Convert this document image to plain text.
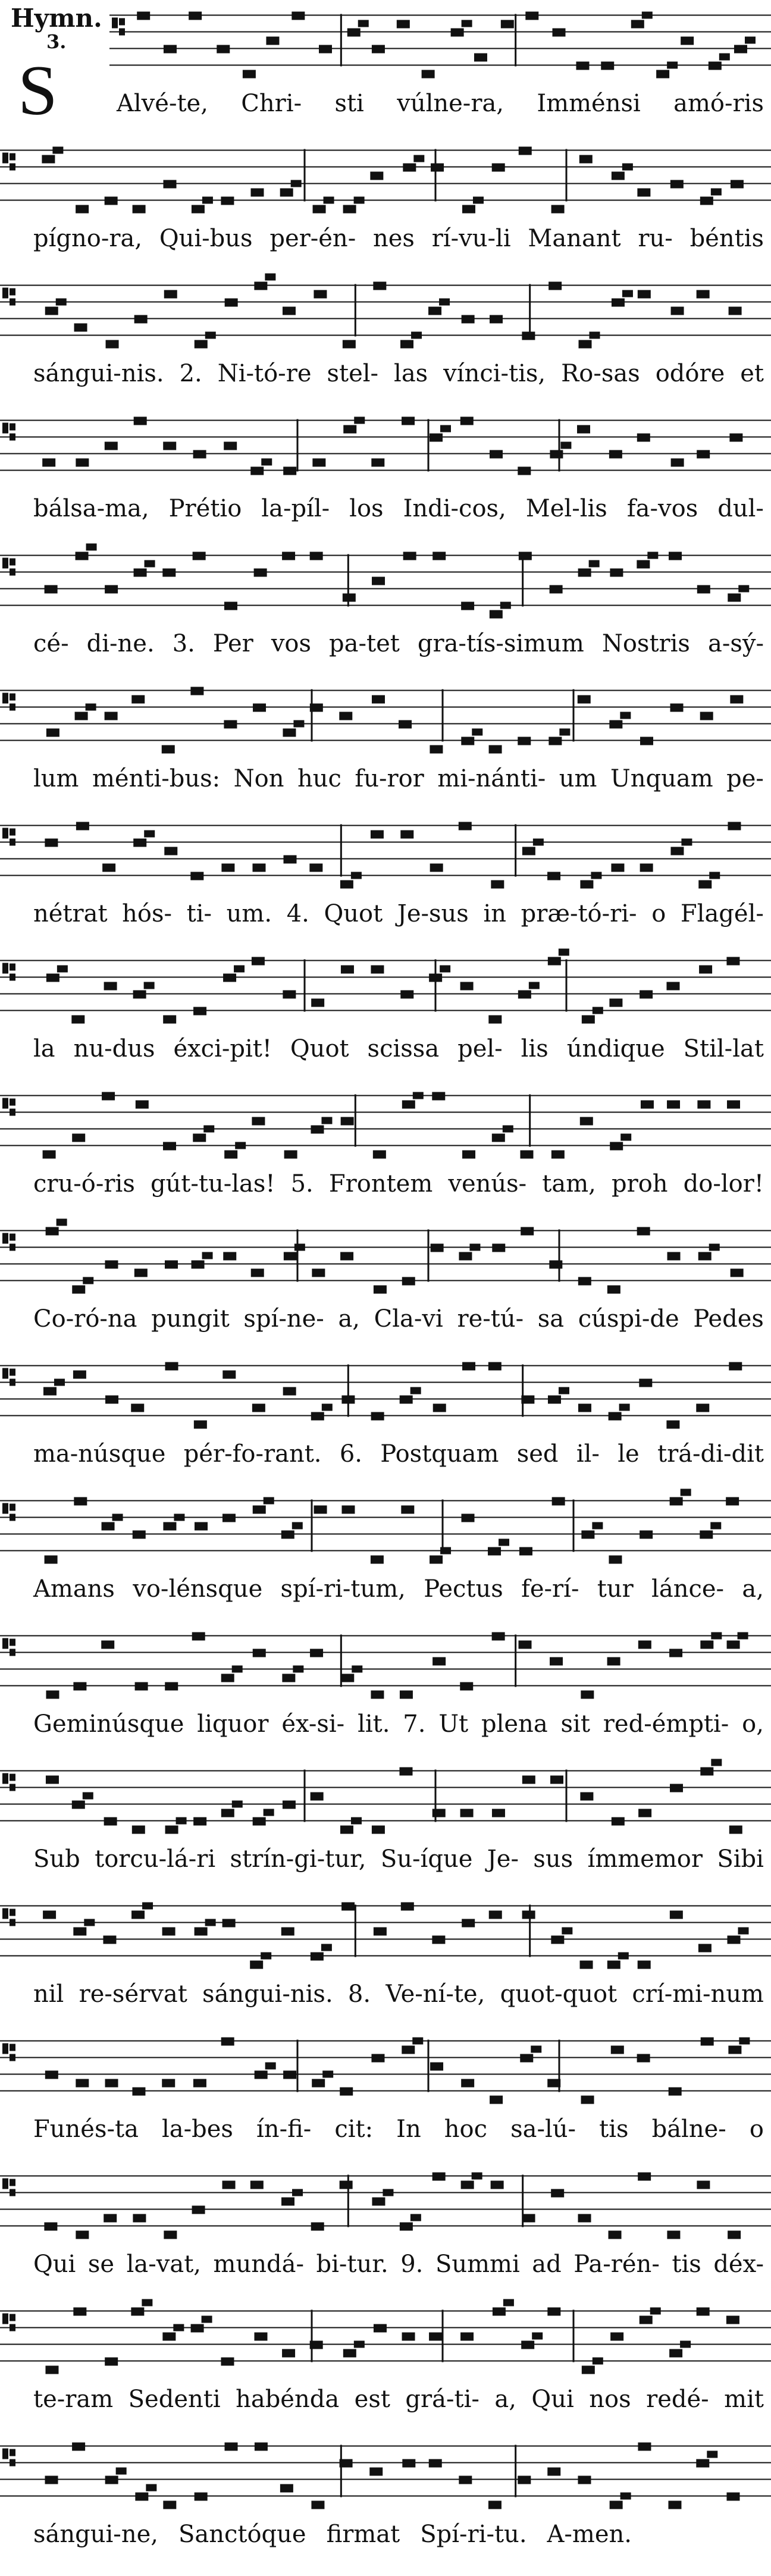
Hymn.
3.
S Alvé-te, Chri- sti vúlne-ra, Imménsi amó-ris
pígno-ra, Qui-bus per-én- nes rí-vu-li Manant ru- béntis
sángui-nis. 2. Ni-tó-re stel- las vínci-tis, Ro-sas odóre et
bálsa-ma, Prétio la-píl- los Indi-cos, Mel-lis fa-vos dul-
cé- di-ne. 3. Per vos pa-tet gra-tís-simum Nostris a-sý-
lum ménti-bus: Non huc fu-ror mi-nánti- um Unquam pe-
nétrat hós- ti- um. 4. Quot Je-sus in præ-tó-ri- o Flagél-
la nu-dus éxci-pit! Quot scissa pel- lis úndique Stil-lat
cru-ó-ris gút-tu-las! 5. Frontem venús- tam, proh do-lor!
Co-ró-na pungit spí-ne- a, Cla-vi re-tú- sa cúspi-de Pedes
ma-núsque pér-fo-rant. 6. Postquam sed il- le trá-di-dit
Amans vo-lénsque spí-ri-tum, Pectus fe-rí- tur lánce- a,
Geminúsque liquor éx-si- lit. 7. Ut plena sit red-émpti- o,
Sub torcu-lá-ri strín-gi-tur, Su-íque Je- sus ímmemor Sibi
nil re-sérvat sángui-nis. 8. Ve-ní-te, quot-quot crí-mi-num
Funés-ta la-bes ín-fi- cit: In hoc sa-lú- tis bálne- o
Qui se la-vat, mundá- bi-tur. 9. Summi ad Pa-rén- tis déx-
te-ram Sedenti habénda est grá-ti- a, Qui nos redé- mit
sángui-ne, Sanctóque firmat Spí-ri-tu. A-men.
